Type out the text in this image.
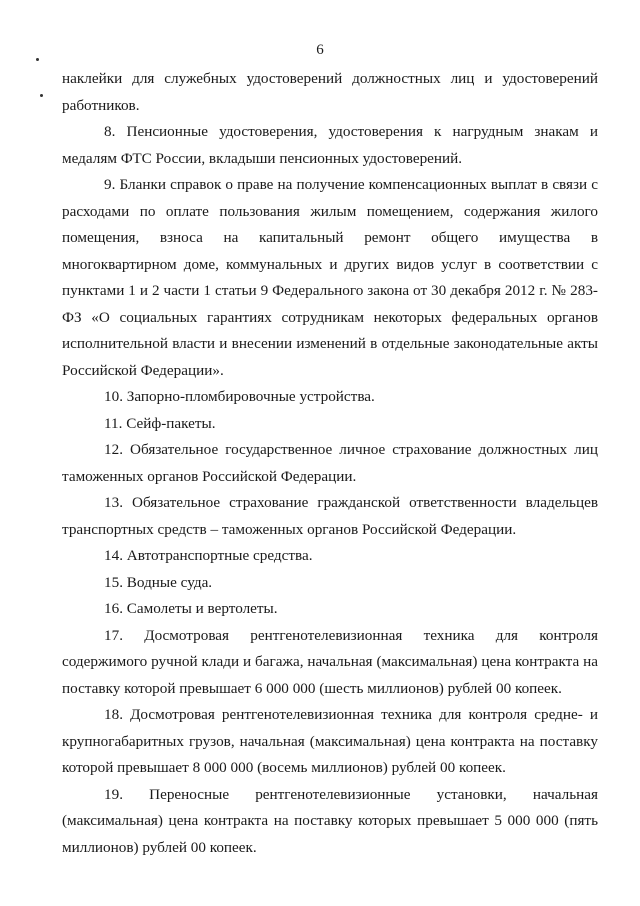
6

наклейки для служебных удостоверений должностных лиц и удостоверений работников.

8. Пенсионные удостоверения, удостоверения к нагрудным знакам и медалям ФТС России, вкладыши пенсионных удостоверений.

9. Бланки справок о праве на получение компенсационных выплат в связи с расходами по оплате пользования жилым помещением, содержания жилого помещения, взноса на капитальный ремонт общего имущества в многоквартирном доме, коммунальных и других видов услуг в соответствии с пунктами 1 и 2 части 1 статьи 9 Федерального закона от 30 декабря 2012 г. № 283-ФЗ «О социальных гарантиях сотрудникам некоторых федеральных органов исполнительной власти и внесении изменений в отдельные законодательные акты Российской Федерации».

10. Запорно-пломбировочные устройства.

11. Сейф-пакеты.

12. Обязательное государственное личное страхование должностных лиц таможенных органов Российской Федерации.

13. Обязательное страхование гражданской ответственности владельцев транспортных средств – таможенных органов Российской Федерации.

14. Автотранспортные средства.

15. Водные суда.

16. Самолеты и вертолеты.

17. Досмотровая рентгенотелевизионная техника для контроля содержимого ручной клади и багажа, начальная (максимальная) цена контракта на поставку которой превышает 6 000 000 (шесть миллионов) рублей 00 копеек.

18. Досмотровая рентгенотелевизионная техника для контроля средне- и крупногабаритных грузов, начальная (максимальная) цена контракта на поставку которой превышает 8 000 000 (восемь миллионов) рублей 00 копеек.

19. Переносные рентгенотелевизионные установки, начальная (максимальная) цена контракта на поставку которых превышает 5 000 000 (пять миллионов) рублей 00 копеек.
